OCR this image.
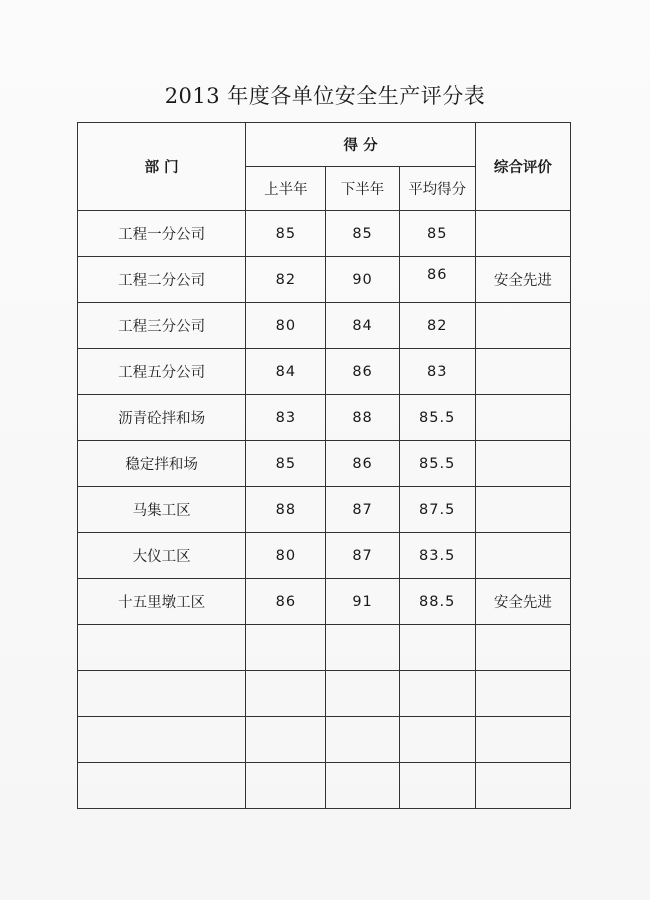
2013 年度各单位安全生产评分表
部 门	得 分			综合评价
	上半年	下半年	平均得分	
工程一分公司	85	85	85	
工程二分公司	82	90	86	安全先进
工程三分公司	80	84	82	
工程五分公司	84	86	83	
沥青砼拌和场	83	88	85.5	
稳定拌和场	85	86	85.5	
马集工区	88	87	87.5	
大仪工区	80	87	83.5	
十五里墩工区	86	91	88.5	安全先进
